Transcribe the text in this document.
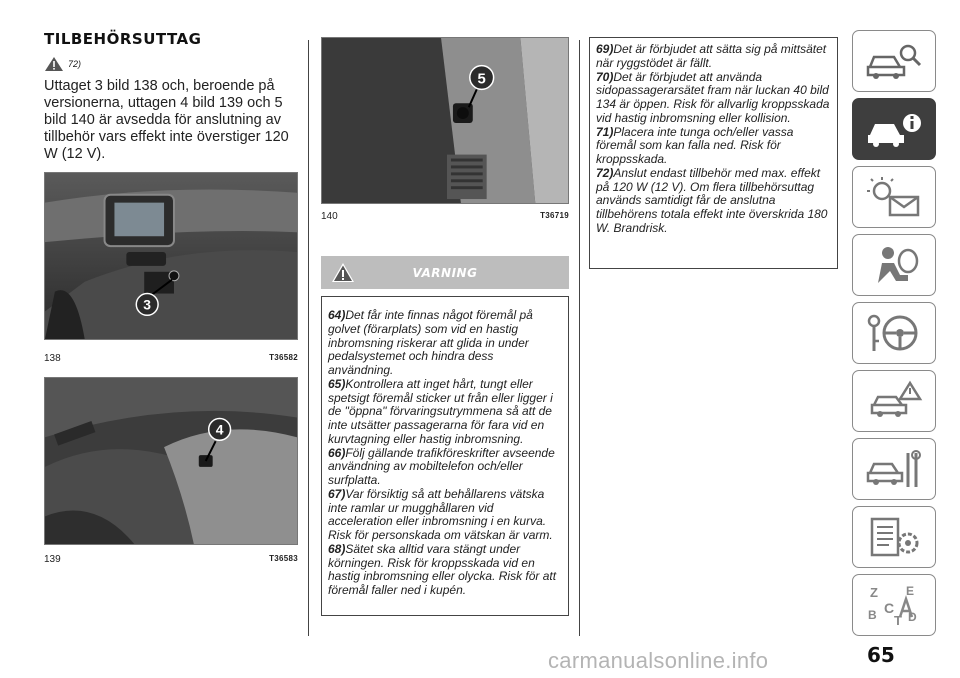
TILBEHÖRSUTTAG
72)

Uttaget 3 bild 138 och, beroende på versionerna, uttagen 4 bild 139 och 5 bild 140 är avsedda för anslutning av tillbehör vars effekt inte överstiger 120 W (12 V).

3
138	T36582
4
139	T36583
5
140	T36719
VARNING

64)Det får inte finnas något föremål på golvet (förarplats) som vid en hastig inbromsning riskerar att glida in under pedalsystemet och hindra dess användning.

65)Kontrollera att inget hårt, tungt eller spetsigt föremål sticker ut från eller ligger i de "öppna" förvaringsutrymmena så att de inte utsätter passagerarna för fara vid en kurvtagning eller hastig inbromsning.

66)Följ gällande trafikföreskrifter avseende användning av mobiltelefon och/eller surfplatta.

67)Var försiktig så att behållarens vätska inte ramlar ur mugghållaren vid acceleration eller inbromsning i en kurva. Risk för personskada om vätskan är varm.

68)Sätet ska alltid vara stängt under körningen. Risk för kroppsskada vid en hastig inbromsning eller olycka. Risk för att föremål faller ned i kupén.

69)Det är förbjudet att sätta sig på mittsätet när ryggstödet är fällt.

70)Det är förbjudet att använda sidopassagerarsätet fram när luckan 40 bild 134 är öppen. Risk för allvarlig kroppsskada vid hastig inbromsning eller kollision.

71)Placera inte tunga och/eller vassa föremål som kan falla ned. Risk för kroppsskada.

72)Anslut endast tillbehör med max. effekt på 120 W (12 V). Om flera tillbehörsuttag används samtidigt får de anslutna tillbehörens totala effekt inte överskrida 180 W. Brandrisk.

Z E
B C
D
T
65
carmanualsonline.info
